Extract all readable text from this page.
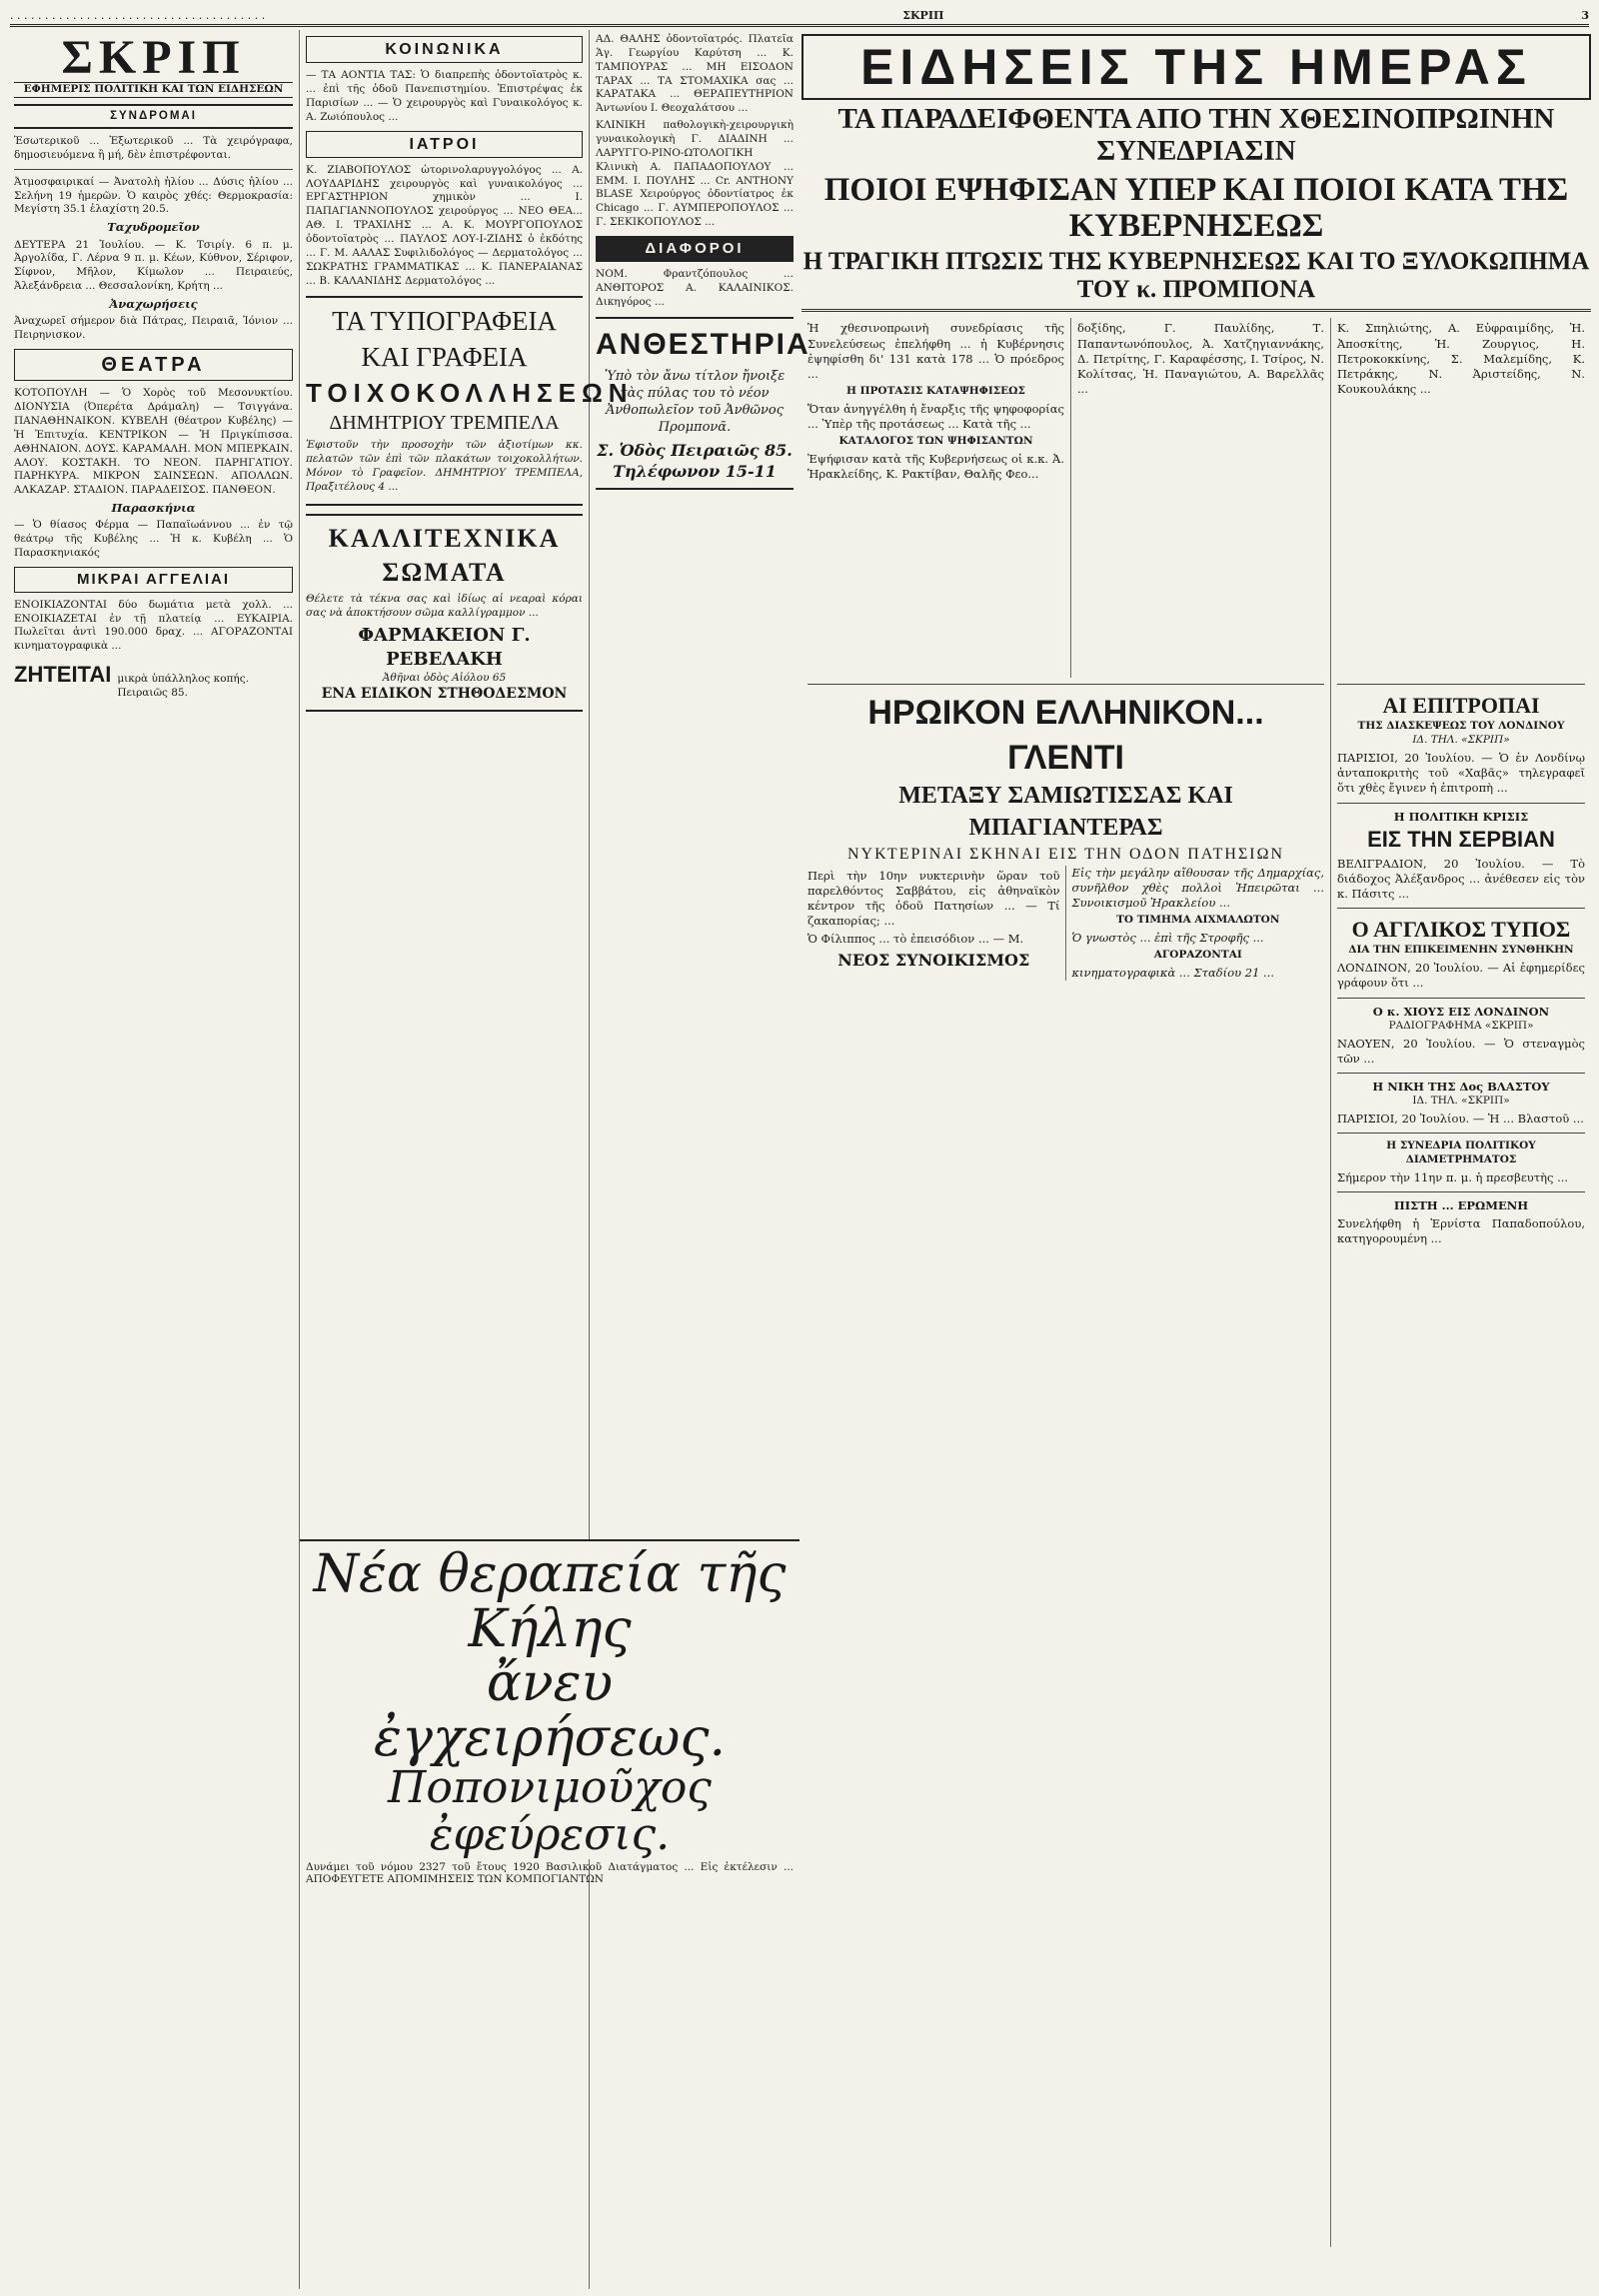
. . . . . . . . . . . . . . . . . . . . . . . . . . . . . . . . . . . . .	ΣΚΡΙΠ	3
ΣΚΡΙΠ
ΕΦΗΜΕΡΙΣ ΠΟΛΙΤΙΚΗ ΚΑΙ ΤΩΝ ΕΙΔΗΣΕΩΝ
ΣΥΝΔΡΟΜΑΙ

Ἐσωτερικοῦ ... Ἐξωτερικοῦ ... Τὰ χειρόγραφα, δημοσιευόμενα ἢ μή, δὲν ἐπιστρέφονται.

Ἀτμοσφαιρικαί — Ἀνατολὴ ἡλίου ... Δύσις ἡλίου ... Σελήνη 19 ἡμερῶν. Ὁ καιρὸς χθές: Θερμοκρασία: Μεγίστη 35.1 ἐλαχίστη 20.5.

Ταχυδρομεῖον

ΔΕΥΤΕΡΑ 21 Ἰουλίου. — Κ. Τσιρίγ. 6 π. μ. Ἀργολίδα, Γ. Λέρνα 9 π. μ. Κέων, Κύθνον, Σέριφον, Σίφνον, Μῆλον, Κίμωλον ... Πειραιεύς, Ἀλεξάνδρεια ... Θεσσαλονίκη, Κρήτη ...

Ἀναχωρήσεις

Ἀναχωρεῖ σήμερον διὰ Πάτρας, Πειραιᾶ, Ἰόνιον ... Πειρηνισκον.

ΘΕΑΤΡΑ

ΚΟΤΟΠΟΥΛΗ — Ὁ Χορὸς τοῦ Μεσονυκτίου. ΔΙΟΝΥΣΙΑ (Ὀπερέτα Δράμαλη) — Τσιγγάνα. ΠΑΝΑΘΗΝΑΙΚΟΝ. ΚΥΒΕΛΗ (θέατρον Κυβέλης) — Ἡ Ἐπιτυχία. ΚΕΝΤΡΙΚΟΝ — Ἡ Πριγκίπισσα. ΑΘΗΝΑΙΟΝ. ΔΟΥΣ. ΚΑΡΑΜΑΛΗ. ΜΟΝ ΜΠΕΡΚΑΙΝ. ΑΛΟΥ. ΚΟΣΤΑΚΗ. ΤΟ ΝΕΟΝ. ΠΑΡΗΓΑΤΙΟΥ. ΠΑΡΗΚΥΡΑ. ΜΙΚΡΟΝ ΣΑΙΝΣΕΩΝ. ΑΠΟΛΛΩΝ. ΑΛΚΑΖΑΡ. ΣΤΑΔΙΟΝ. ΠΑΡΑΔΕΙΣΟΣ. ΠΑΝΘΕΟΝ.

Παρασκήνια

— Ὁ θίασος Φέρμα — Παπαϊωάννου ... ἐν τῷ θεάτρῳ τῆς Κυβέλης ... Ἡ κ. Κυβέλη ... Ὁ Παρασκηνιακός

ΜΙΚΡΑΙ ΑΓΓΕΛΙΑΙ

ΕΝΟΙΚΙΑΖΟΝΤΑΙ δύο δωμάτια μετὰ χολλ. ... ΕΝΟΙΚΙΑΖΕΤΑΙ ἐν τῇ πλατείᾳ ... ΕΥΚΑΙΡΙΑ. Πωλεῖται ἀντὶ 190.000 δραχ. ... ΑΓΟΡΑΖΟΝΤΑΙ κινηματογραφικὰ ...

ΖΗΤΕΙΤΑΙ μικρὰ ὑπάλληλος κοπής. Πειραιῶς 85.
ΚΟΙΝΩΝΙΚΑ

— ΤΑ ΑΟΝΤΙΑ ΤΑΣ: Ὁ διαπρεπὴς ὀδοντοϊατρὸς κ. ... ἐπὶ τῆς ὁδοῦ Πανεπιστημίου. Ἐπιστρέψας ἐκ Παρισίων ... — Ὁ χειρουργὸς καὶ Γυναικολόγος κ. Α. Ζωιόπουλος ...

ΙΑΤΡΟΙ

Κ. ΖΙΑΒΟΠΟΥΛΟΣ ὠτορινολαρυγγολόγος ... Α. ΛΟΥΔΑΡΙΔΗΣ χειρουργὸς καὶ γυναικολόγος ... ΕΡΓΑΣΤΗΡΙΟΝ χημικὸν ... Ι. ΠΑΠΑΓΙΑΝΝΟΠΟΥΛΟΣ χειρούργος ... ΝΕΟ ΘΕΑ... ΑΘ. Ι. ΤΡΑΧΙΛΗΣ ... Α. Κ. ΜΟΥΡΓΟΠΟΥΛΟΣ ὀδοντοϊατρὸς ... ΠΑΥΛΟΣ ΛΟΥ-Ι-ΖΙΔΗΣ ὁ ἐκδότης ... Γ. Μ. ΑΑΛΑΣ Συφιλιδολόγος — Δερματολόγος ... ΣΩΚΡΑΤΗΣ ΓΡΑΜΜΑΤΙΚΑΣ ... Κ. ΠΑΝΕΡΑΙΑΝΑΣ ... Β. ΚΑΛΑΝΙΔΗΣ Δερματολόγος ...

ΤΑ ΤΥΠΟΓΡΑΦΕΙΑ ΚΑΙ ΓΡΑΦΕΙΑ
ΤΟΙΧΟΚΟΛΛΗΣΕΩΝ
ΔΗΜΗΤΡΙΟΥ ΤΡΕΜΠΕΛΑ

Ἐφιστοῦν τὴν προσοχὴν τῶν ἀξιοτίμων κκ. πελατῶν τῶν ἐπὶ τῶν πλακάτων τοιχοκολλήτων. Μόνον τὸ Γραφεῖον. ΔΗΜΗΤΡΙΟΥ ΤΡΕΜΠΕΛΑ, Πραξιτέλους 4 ...

ΚΑΛΛΙΤΕΧΝΙΚΑ ΣΩΜΑΤΑ

Θέλετε τὰ τέκνα σας καὶ ἰδίως αἱ νεαραὶ κόραι σας νὰ ἀποκτήσουν σῶμα καλλίγραμμον ...

ΦΑΡΜΑΚΕΙΟΝ Γ. ΡΕΒΕΛΑΚΗ
Ἀθῆναι ὁδὸς Αἰόλου 65
ΕΝΑ ΕΙΔΙΚΟΝ ΣΤΗΘΟΔΕΣΜΟΝ

ΑΔ. ΘΑΛΗΣ ὀδοντοϊατρός. Πλατεῖα Ἁγ. Γεωργίου Καρύτση ... Κ. ΤΑΜΠΟΥΡΑΣ ... ΜΗ ΕΙΣΟΔΟΝ ΤΑΡΑΧ ... ΤΑ ΣΤΟΜΑΧΙΚΑ σας ... ΚΑΡΑΤΑΚΑ ... ΘΕΡΑΠΕΥΤΗΡΙΟΝ Ἀντωνίου Ι. Θεοχαλάτσου ...

ΚΛΙΝΙΚΗ παθολογικὴ-χειρουργικὴ γυναικολογικὴ Γ. ΔΙΑΔΙΝΗ ... ΛΑΡΥΓΓΟ-ΡΙΝΟ-ΩΤΟΛΟΓΙΚΗ Κλινικὴ Α. ΠΑΠΑΔΟΠΟΥΛΟΥ ... ΕΜΜ. Ι. ΠΟΥΛΗΣ ... Cr. ANTHONY BLASE Χειρούργος ὀδοντίατρος ἐκ Chicago ... Γ. ΑΥΜΠΕΡΟΠΟΥΛΟΣ ... Γ. ΣΕΚΙΚΟΠΟΥΛΟΣ ...

ΔΙΑΦΟΡΟΙ

ΝΟΜ. Φραντζόπουλος ... ΑΝΘΙΤΟΡΟΣ Α. ΚΑΛΑΙΝΙΚΟΣ. Δικηγόρος ...

ΑΝΘΕΣΤΗΡΙΑ

Ὑπὸ τὸν ἄνω τίτλον ἤνοιξε τὰς πύλας του τὸ νέον Ἀνθοπωλεῖον τοῦ Ἀνθῶνος Προμπονᾶ.

Σ. Ὁδὸς Πειραιῶς 85.
Τηλέφωνον 15-11
Νέα θεραπεία τῆς Κήλης
ἄνευ ἐγχειρήσεως.
Ποπονιμοῦχος ἐφεύρεσις.

Δυνάμει τοῦ νόμου 2327 τοῦ ἔτους 1920 Βασιλικοῦ Διατάγματος ... Εἰς ἐκτέλεσιν ... ΑΠΟΦΕΥΓΕΤΕ ΑΠΟΜΙΜΗΣΕΙΣ ΤΩΝ ΚΟΜΠΟΓΙΑΝΤΩΝ

ΕΙΔΗΣΕΙΣ ΤΗΣ ΗΜΕΡΑΣ
ΤΑ ΠΑΡΑΔΕΙΦΘΕΝΤΑ ΑΠΟ ΤΗΝ ΧΘΕΣΙΝΟΠΡΩΙΝΗΝ ΣΥΝΕΔΡΙΑΣΙΝ
ΠΟΙΟΙ ΕΨΗΦΙΣΑΝ ΥΠΕΡ ΚΑΙ ΠΟΙΟΙ ΚΑΤΑ ΤΗΣ ΚΥΒΕΡΝΗΣΕΩΣ
Η ΤΡΑΓΙΚΗ ΠΤΩΣΙΣ ΤΗΣ ΚΥΒΕΡΝΗΣΕΩΣ ΚΑΙ ΤΟ ΞΥΛΟΚΩΠΗΜΑ ΤΟΥ κ. ΠΡΟΜΠΟΝΑ

Ἡ χθεσινοπρωινὴ συνεδρίασις τῆς Συνελεύσεως ἐπελήφθη ... ἡ Κυβέρνησις ἐψηφίσθη δι' 131 κατὰ 178 ... Ὁ πρόεδρος ...

Η ΠΡΟΤΑΣΙΣ ΚΑΤΑΨΗΦΙΣΕΩΣ

Ὅταν ἀνηγγέλθη ἡ ἔναρξις τῆς ψηφοφορίας ... Ὑπὲρ τῆς προτάσεως ... Κατὰ τῆς ...

ΚΑΤΑΛΟΓΟΣ ΤΩΝ ΨΗΦΙΣΑΝΤΩΝ

Ἐψήφισαν κατὰ τῆς Κυβερνήσεως οἱ κ.κ. Ἀ. Ἡρακλείδης, Κ. Ρακτίβαν, Θαλῆς Φεο...

δοξίδης, Γ. Παυλίδης, Τ. Παπαντωνόπουλος, Ἀ. Χατζηγιαννάκης, Δ. Πετρίτης, Γ. Καραφέσσης, Ι. Τσίρος, Ν. Κολίτσας, Ἠ. Παναγιώτου, Α. Βαρελλᾶς ...

Κ. Σπηλιώτης, Α. Εὐφραιμίδης, Ἠ. Ἀποσκίτης, Ἠ. Ζουργιος, Η. Πετροκοκκίνης, Σ. Μαλεμίδης, Κ. Πετράκης, Ν. Ἀριστείδης, Ν. Κουκουλάκης ...

ΗΡΩΙΚΟΝ ΕΛΛΗΝΙΚΟΝ... ΓΛΕΝΤΙ
ΜΕΤΑΞΥ ΣΑΜΙΩΤΙΣΣΑΣ ΚΑΙ ΜΠΑΓΙΑΝΤΕΡΑΣ
ΝΥΚΤΕΡΙΝΑΙ ΣΚΗΝΑΙ ΕΙΣ ΤΗΝ ΟΔΟΝ ΠΑΤΗΣΙΩΝ

Περὶ τὴν 10ην νυκτερινὴν ὥραν τοῦ παρελθόντος Σαββάτου, εἰς ἀθηναϊκὸν κέντρον τῆς ὁδοῦ Πατησίων ... — Τί ζακαπορίας; ...

Ὁ Φίλιππος ... τὸ ἐπεισόδιον ... — Μ.

ΝΕΟΣ ΣΥΝΟΙΚΙΣΜΟΣ

Εἰς τὴν μεγάλην αἴθουσαν τῆς Δημαρχίας, συνῆλθον χθὲς πολλοὶ Ἠπειρῶται ... Συνοικισμοῦ Ἡρακλείου ...

ΤΟ ΤΙΜΗΜΑ ΑΙΧΜΑΛΩΤΟΝ

Ὁ γνωστὸς ... ἐπὶ τῆς Στροφῆς ...

ΑΓΟΡΑΖΟΝΤΑΙ

κινηματογραφικὰ ... Σταδίου 21 ...

ΑΙ ΕΠΙΤΡΟΠΑΙ
ΤΗΣ ΔΙΑΣΚΕΨΕΩΣ ΤΟΥ ΛΟΝΔΙΝΟΥ
ΙΔ. ΤΗΛ. «ΣΚΡΙΠ»

ΠΑΡΙΣΙΟΙ, 20 Ἰουλίου. — Ὁ ἐν Λονδίνῳ ἀνταποκριτὴς τοῦ «Χαβᾶς» τηλεγραφεῖ ὅτι χθὲς ἔγινεν ἡ ἐπιτροπὴ ...

Η ΠΟΛΙΤΙΚΗ ΚΡΙΣΙΣ
ΕΙΣ ΤΗΝ ΣΕΡΒΙΑΝ

ΒΕΛΙΓΡΑΔΙΟΝ, 20 Ἰουλίου. — Τὸ διάδοχος Ἀλέξανδρος ... ἀνέθεσεν εἰς τὸν κ. Πάσιτς ...

Ο ΑΓΓΛΙΚΟΣ ΤΥΠΟΣ
ΔΙΑ ΤΗΝ ΕΠΙΚΕΙΜΕΝΗΝ ΣΥΝΘΗΚΗΝ

ΛΟΝΔΙΝΟΝ, 20 Ἰουλίου. — Αἱ ἐφημερίδες γράφουν ὅτι ...

Ο κ. ΧΙΟΥΣ ΕΙΣ ΛΟΝΔΙΝΟΝ
ΡΑΔΙΟΓΡΑΦΗΜΑ «ΣΚΡΙΠ»

ΝΑΟΥΕΝ, 20 Ἰουλίου. — Ὁ στεναγμὸς τῶν ...

Η ΝΙΚΗ ΤΗΣ Δος ΒΛΑΣΤΟΥ
ΙΔ. ΤΗΛ. «ΣΚΡΙΠ»

ΠΑΡΙΣΙΟΙ, 20 Ἰουλίου. — Ἡ ... Βλαστοῦ ...

Η ΣΥΝΕΔΡΙΑ ΠΟΛΙΤΙΚΟΥ ΔΙΑΜΕΤΡΗΜΑΤΟΣ

Σήμερον τὴν 11ην π. μ. ἡ πρεσβευτὴς ...

ΠΙΣΤΗ ... ΕΡΩΜΕΝΗ

Συνελήφθη ἡ Ἐρνίστα Παπαδοπούλου, κατηγορουμένη ...
